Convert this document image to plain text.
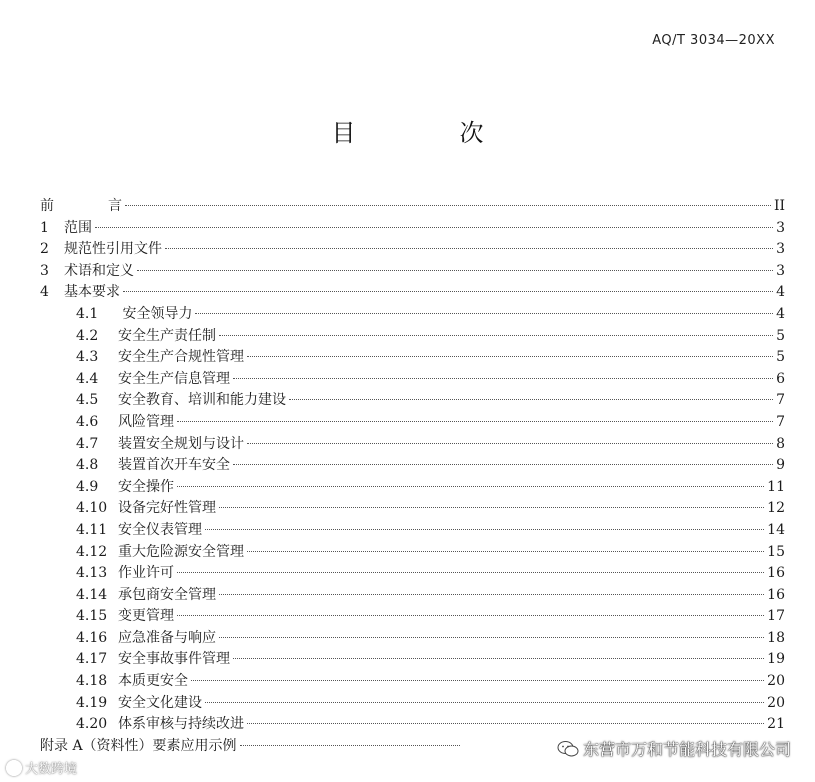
AQ/T 3034—20XX
目　次
前	言	II
1	范围	3
2	规范性引用文件	3
3	术语和定义	3
4	基本要求	4
4.1	安全领导力	4
4.2	安全生产责任制	5
4.3	安全生产合规性管理	5
4.4	安全生产信息管理	6
4.5	安全教育、培训和能力建设	7
4.6	风险管理	7
4.7	装置安全规划与设计	8
4.8	装置首次开车安全	9
4.9	安全操作	11
4.10 设备完好性管理	12
4.11 安全仪表管理	14
4.12 重大危险源安全管理	15
4.13 作业许可	16
4.14 承包商安全管理	16
4.15 变更管理	17
4.16 应急准备与响应	18
4.17 安全事故事件管理	19
4.18 本质更安全	20
4.19 安全文化建设	20
4.20 体系审核与持续改进	21
附录 A（资料性）要素应用示例
大数跨境
东营市万和节能科技有限公司
